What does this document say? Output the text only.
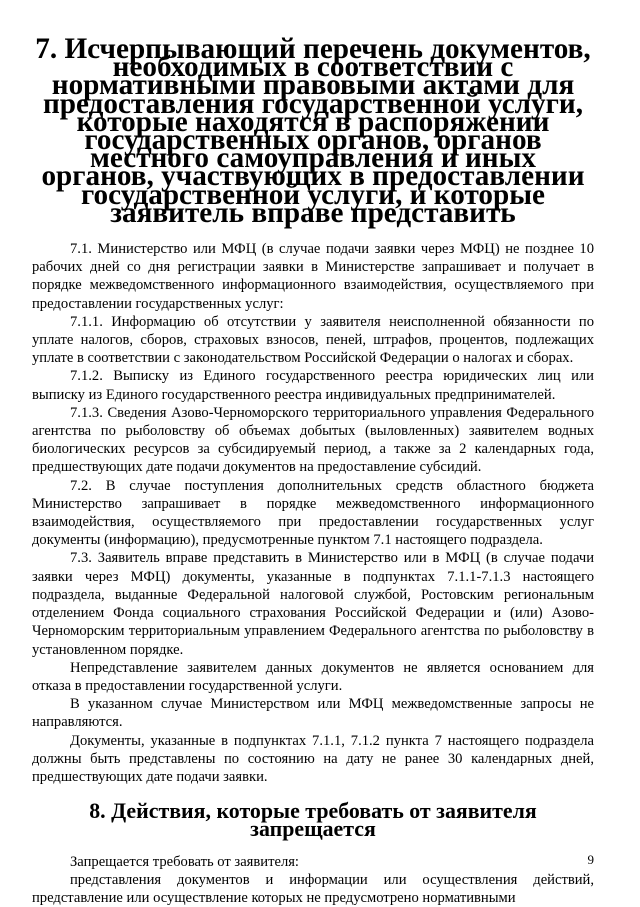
7. Исчерпывающий перечень документов, необходимых в соответствии с нормативными правовыми актами для предоставления государственной услуги, которые находятся в распоряжении государственных органов, органов местного самоуправления и иных органов, участвующих в предоставлении государственной услуги, и которые заявитель вправе представить

7.1. Министерство или МФЦ (в случае подачи заявки через МФЦ) не позднее 10 рабочих дней со дня регистрации заявки в Министерстве запрашивает и получает в порядке межведомственного информационного взаимодействия, осуществляемого при предоставлении государственных услуг:

7.1.1. Информацию об отсутствии у заявителя неисполненной обязанности по уплате налогов, сборов, страховых взносов, пеней, штрафов, процентов, подлежащих уплате в соответствии с законодательством Российской Федерации о налогах и сборах.

7.1.2. Выписку из Единого государственного реестра юридических лиц или выписку из Единого государственного реестра индивидуальных предпринимателей.

7.1.3. Сведения Азово-Черноморского территориального управления Федерального агентства по рыболовству об объемах добытых (выловленных) заявителем водных биологических ресурсов за субсидируемый период, а также за 2 календарных года, предшествующих дате подачи документов на предоставление субсидий.

7.2. В случае поступления дополнительных средств областного бюджета Министерство запрашивает в порядке межведомственного информационного взаимодействия, осуществляемого при предоставлении государственных услуг документы (информацию), предусмотренные пунктом 7.1 настоящего подраздела.

7.3. Заявитель вправе представить в Министерство или в МФЦ (в случае подачи заявки через МФЦ) документы, указанные в подпунктах 7.1.1-7.1.3 настоящего подраздела, выданные Федеральной налоговой службой, Ростовским региональным отделением Фонда социального страхования Российской Федерации и (или) Азово-Черноморским территориальным управлением Федерального агентства по рыболовству в установленном порядке.

Непредставление заявителем данных документов не является основанием для отказа в предоставлении государственной услуги.

В указанном случае Министерством или МФЦ межведомственные запросы не направляются.

Документы, указанные в подпунктах 7.1.1, 7.1.2 пункта 7 настоящего подраздела должны быть представлены по состоянию на дату не ранее 30 календарных дней, предшествующих дате подачи заявки.

8. Действия, которые требовать от заявителя запрещается

Запрещается требовать от заявителя:

представления документов и информации или осуществления действий, представление или осуществление которых не предусмотрено нормативными

9
